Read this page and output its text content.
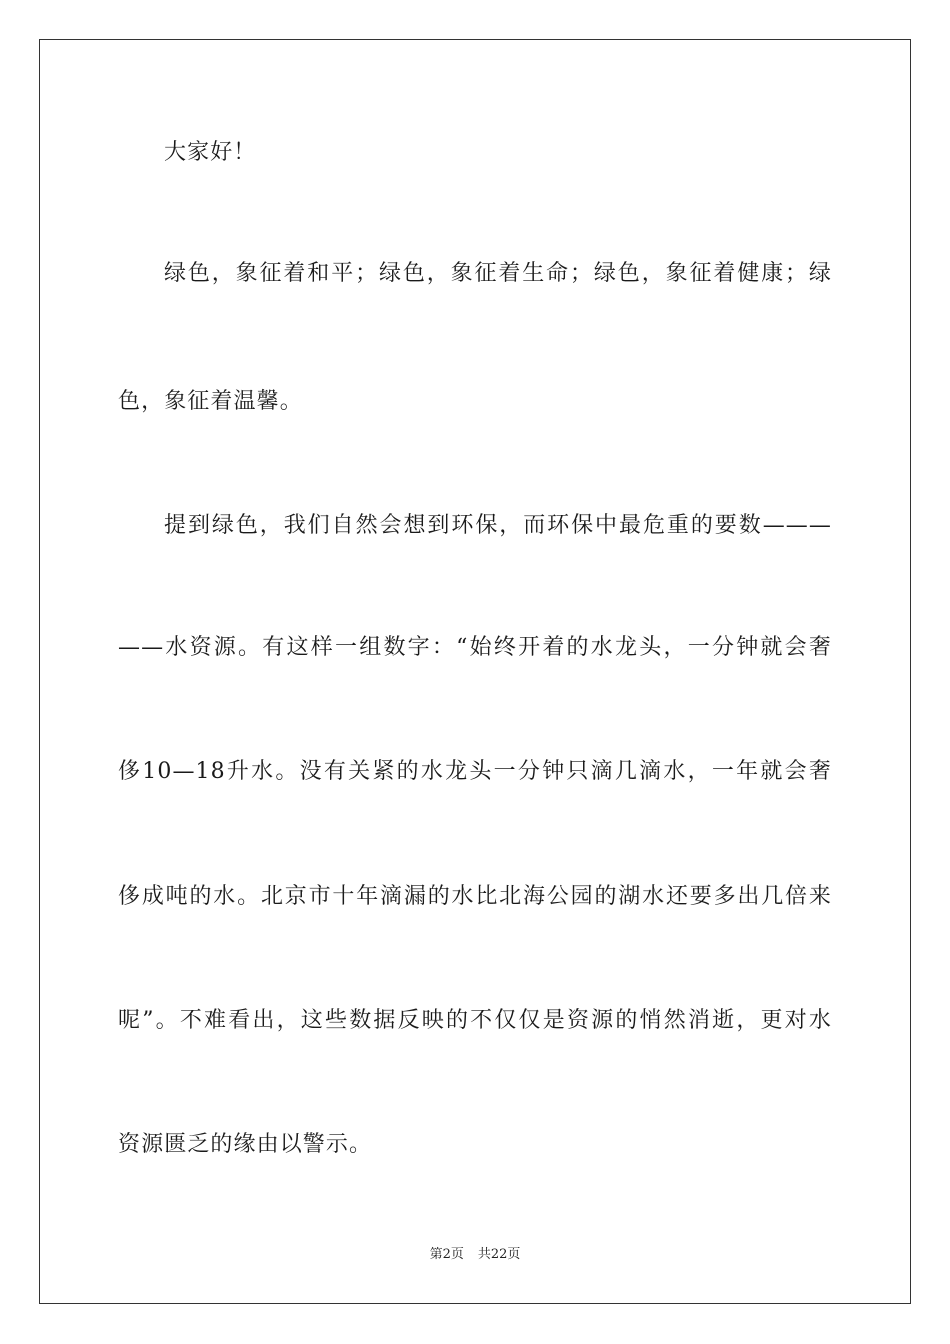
大家好！
绿色，象征着和平；绿色，象征着生命；绿色，象征着健康；绿
色，象征着温馨。
提到绿色，我们自然会想到环保，而环保中最危重的要数———
——水资源。有这样一组数字：“始终开着的水龙头，一分钟就会奢
侈10—18升水。没有关紧的水龙头一分钟只滴几滴水，一年就会奢
侈成吨的水。北京市十年滴漏的水比北海公园的湖水还要多出几倍来
呢”。不难看出，这些数据反映的不仅仅是资源的悄然消逝，更对水
资源匮乏的缘由以警示。
第2页 共22页
